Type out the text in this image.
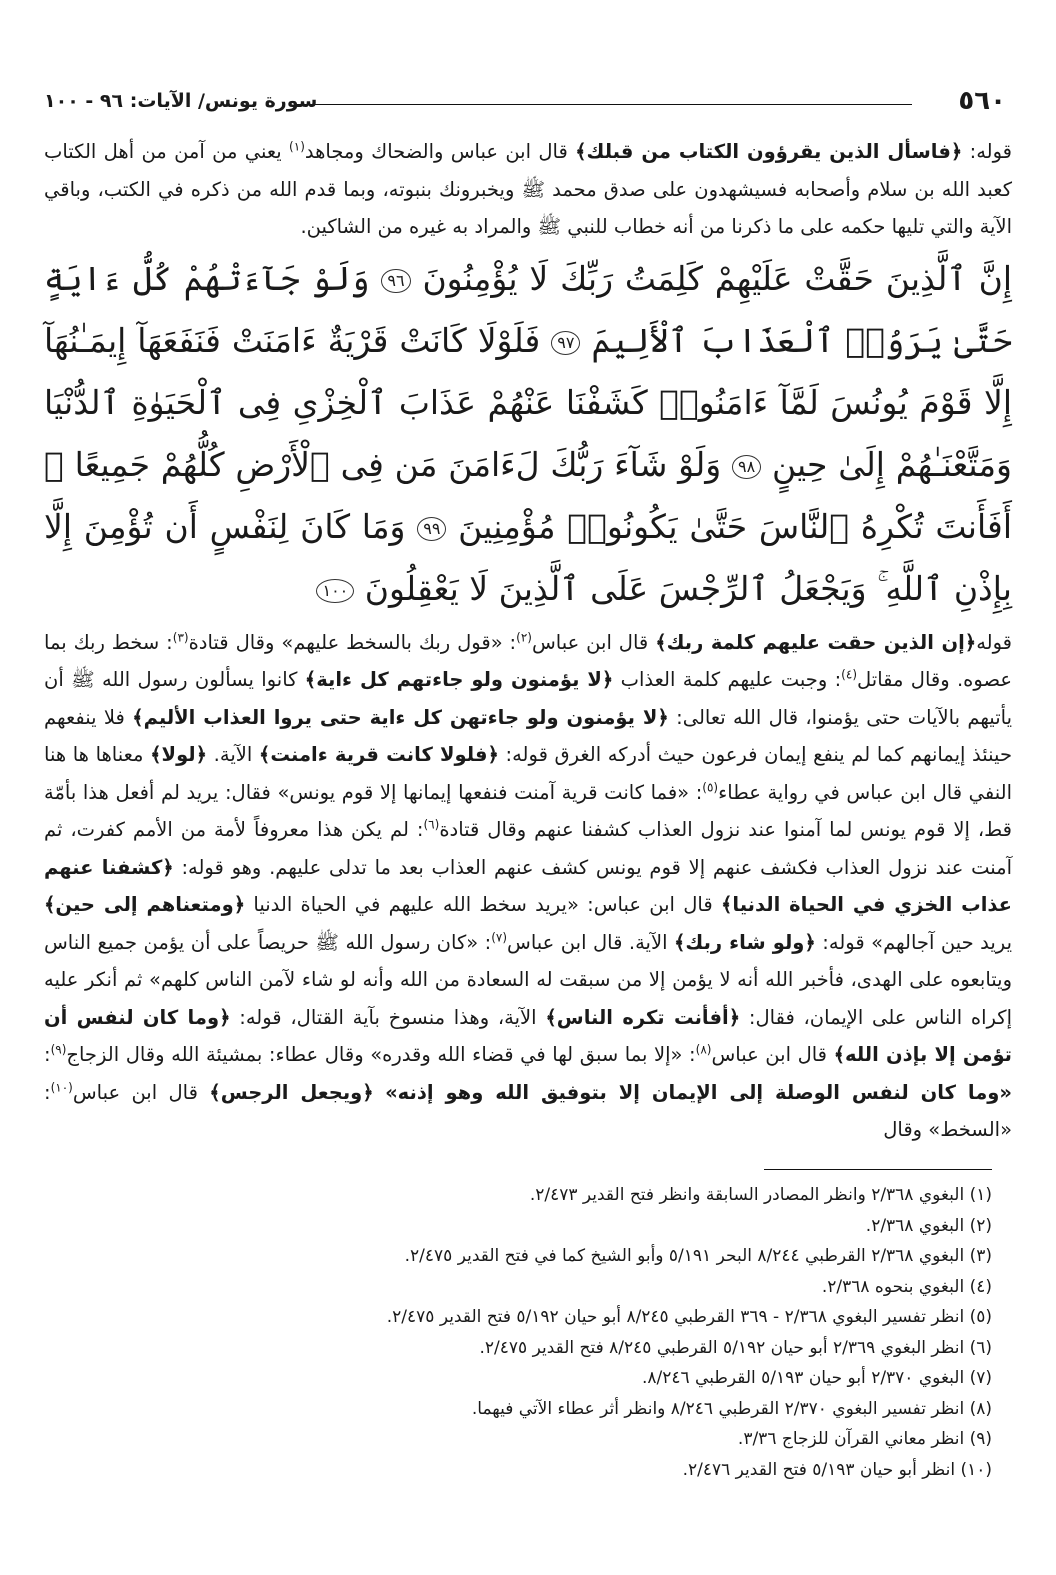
٥٦٠
سورة يونس/ الآيات: ٩٦ - ١٠٠

قوله: ﴿فاسأل الذين يقرؤون الكتاب من قبلك﴾ قال ابن عباس والضحاك ومجاهد$^{(١)}$ يعني من آمن من أهل الكتاب كعبد الله بن سلام وأصحابه فسيشهدون على صدق محمد ﷺ ويخبرونك بنبوته، وبما قدم الله من ذكره في الكتب، وباقي الآية والتي تليها حكمه على ما ذكرنا من أنه خطاب للنبي ﷺ والمراد به غيره من الشاكين.

إِنَّ ٱلَّذِينَ حَقَّتْ عَلَيْهِمْ كَلِمَتُ رَبِّكَ لَا يُؤْمِنُونَ ٩٦ وَلَوْ جَآءَتْهُمْ كُلُّ ءَايَةٍ حَتَّىٰ يَرَوُا۟ ٱلْعَذَابَ ٱلْأَلِيمَ ٩٧ فَلَوْلَا كَانَتْ قَرْيَةٌ ءَامَنَتْ فَنَفَعَهَآ إِيمَـٰنُهَآ إِلَّا قَوْمَ يُونُسَ لَمَّآ ءَامَنُوا۟ كَشَفْنَا عَنْهُمْ عَذَابَ ٱلْخِزْىِ فِى ٱلْحَيَوٰةِ ٱلدُّنْيَا وَمَتَّعْنَـٰهُمْ إِلَىٰ حِينٍ ٩٨ وَلَوْ شَآءَ رَبُّكَ لَءَامَنَ مَن فِى ٱلْأَرْضِ كُلُّهُمْ جَمِيعًا ۚ أَفَأَنتَ تُكْرِهُ ٱلنَّاسَ حَتَّىٰ يَكُونُوا۟ مُؤْمِنِينَ ٩٩ وَمَا كَانَ لِنَفْسٍ أَن تُؤْمِنَ إِلَّا بِإِذْنِ ٱللَّهِ ۚ وَيَجْعَلُ ٱلرِّجْسَ عَلَى ٱلَّذِينَ لَا يَعْقِلُونَ ١٠٠

قوله﴿إن الذين حقت عليهم كلمة ربك﴾ قال ابن عباس$^{(٢)}$: «قول ربك بالسخط عليهم» وقال قتادة$^{(٣)}$: سخط ربك بما عصوه. وقال مقاتل$^{(٤)}$: وجبت عليهم كلمة العذاب ﴿لا يؤمنون ولو جاءتهم كل ءاية﴾ كانوا يسألون رسول الله ﷺ أن يأتيهم بالآيات حتى يؤمنوا، قال الله تعالى: ﴿لا يؤمنون ولو جاءتهن كل ءاية حتى يروا العذاب الأليم﴾ فلا ينفعهم حينئذ إيمانهم كما لم ينفع إيمان فرعون حيث أدركه الغرق قوله: ﴿فلولا كانت قرية ءامنت﴾ الآية. ﴿لولا﴾ معناها ها هنا النفي قال ابن عباس في رواية عطاء$^{(٥)}$: «فما كانت قرية آمنت فنفعها إيمانها إلا قوم يونس» فقال: يريد لم أفعل هذا بأمّة قط، إلا قوم يونس لما آمنوا عند نزول العذاب كشفنا عنهم وقال قتادة$^{(٦)}$: لم يكن هذا معروفاً لأمة من الأمم كفرت، ثم آمنت عند نزول العذاب فكشف عنهم إلا قوم يونس كشف عنهم العذاب بعد ما تدلى عليهم. وهو قوله: ﴿كشفنا عنهم عذاب الخزي في الحياة الدنيا﴾ قال ابن عباس: «يريد سخط الله عليهم في الحياة الدنيا ﴿ومتعناهم إلى حين﴾ يريد حين آجالهم» قوله: ﴿ولو شاء ربك﴾ الآية. قال ابن عباس$^{(٧)}$: «كان رسول الله ﷺ حريصاً على أن يؤمن جميع الناس ويتابعوه على الهدى، فأخبر الله أنه لا يؤمن إلا من سبقت له السعادة من الله وأنه لو شاء لآمن الناس كلهم» ثم أنكر عليه إكراه الناس على الإيمان، فقال: ﴿أفأنت تكره الناس﴾ الآية، وهذا منسوخ بآية القتال، قوله: ﴿وما كان لنفس أن تؤمن إلا بإذن الله﴾ قال ابن عباس$^{(٨)}$: «إلا بما سبق لها في قضاء الله وقدره» وقال عطاء: بمشيئة الله وقال الزجاج$^{(٩)}$: «وما كان لنفس الوصلة إلى الإيمان إلا بتوفيق الله وهو إذنه» ﴿ويجعل الرجس﴾ قال ابن عباس$^{(١٠)}$: «السخط» وقال

(١) البغوي ٢/٣٦٨ وانظر المصادر السابقة وانظر فتح القدير ٢/٤٧٣.
(٢) البغوي ٢/٣٦٨.
(٣) البغوي ٢/٣٦٨ القرطبي ٨/٢٤٤ البحر ٥/١٩١ وأبو الشيخ كما في فتح القدير ٢/٤٧٥.
(٤) البغوي بنحوه ٢/٣٦٨.
(٥) انظر تفسير البغوي ٢/٣٦٨ - ٣٦٩ القرطبي ٨/٢٤٥ أبو حيان ٥/١٩٢ فتح القدير ٢/٤٧٥.
(٦) انظر البغوي ٢/٣٦٩ أبو حيان ٥/١٩٢ القرطبي ٨/٢٤٥ فتح القدير ٢/٤٧٥.
(٧) البغوي ٢/٣٧٠ أبو حيان ٥/١٩٣ القرطبي ٨/٢٤٦.
(٨) انظر تفسير البغوي ٢/٣٧٠ القرطبي ٨/٢٤٦ وانظر أثر عطاء الآتي فيهما.
(٩) انظر معاني القرآن للزجاج ٣/٣٦.
(١٠) انظر أبو حيان ٥/١٩٣ فتح القدير ٢/٤٧٦.
